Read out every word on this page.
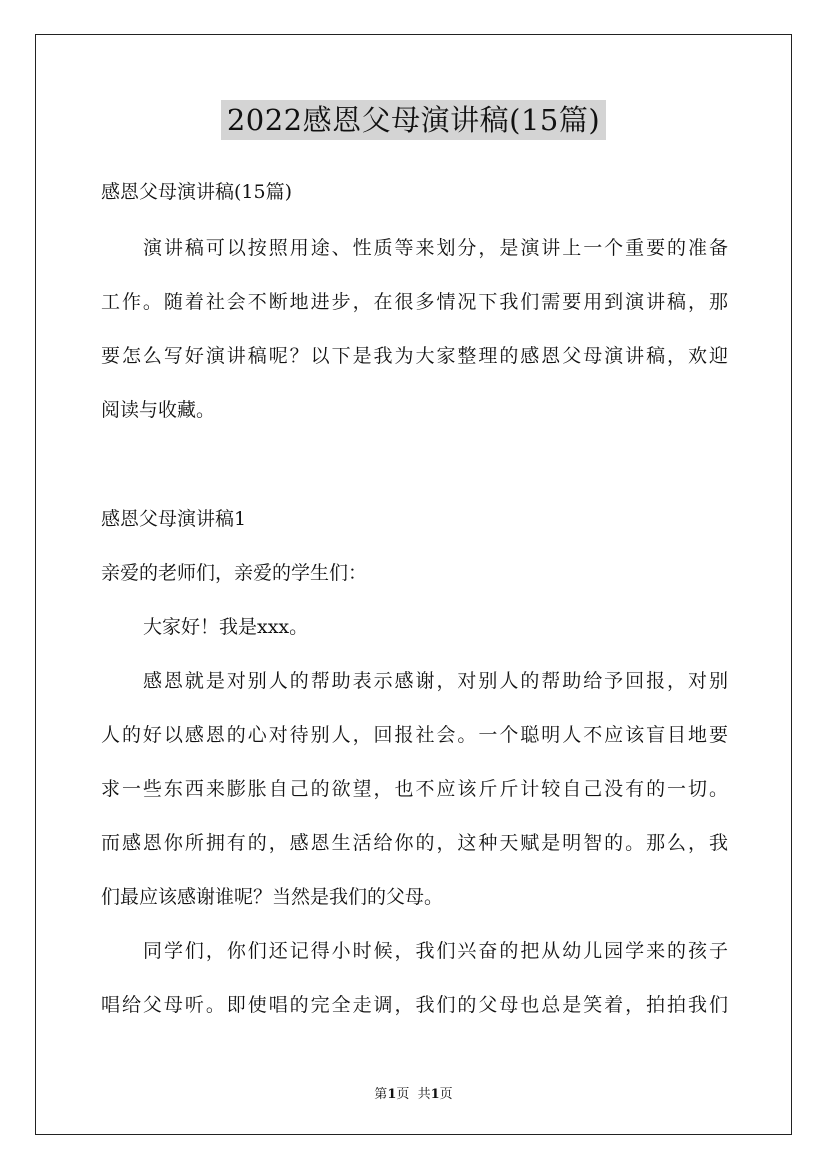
2022感恩父母演讲稿(15篇)
感恩父母演讲稿(15篇)
演讲稿可以按照用途、性质等来划分，是演讲上一个重要的准备
工作。随着社会不断地进步，在很多情况下我们需要用到演讲稿，那
要怎么写好演讲稿呢？以下是我为大家整理的感恩父母演讲稿，欢迎
阅读与收藏。
感恩父母演讲稿1
亲爱的老师们，亲爱的学生们：
大家好！我是xxx。
感恩就是对别人的帮助表示感谢，对别人的帮助给予回报，对别
人的好以感恩的心对待别人，回报社会。一个聪明人不应该盲目地要
求一些东西来膨胀自己的欲望，也不应该斤斤计较自己没有的一切。
而感恩你所拥有的，感恩生活给你的，这种天赋是明智的。那么，我
们最应该感谢谁呢？当然是我们的父母。
同学们，你们还记得小时候，我们兴奋的把从幼儿园学来的孩子
唱给父母听。即使唱的完全走调，我们的父母也总是笑着，拍拍我们
第1页  共1页
